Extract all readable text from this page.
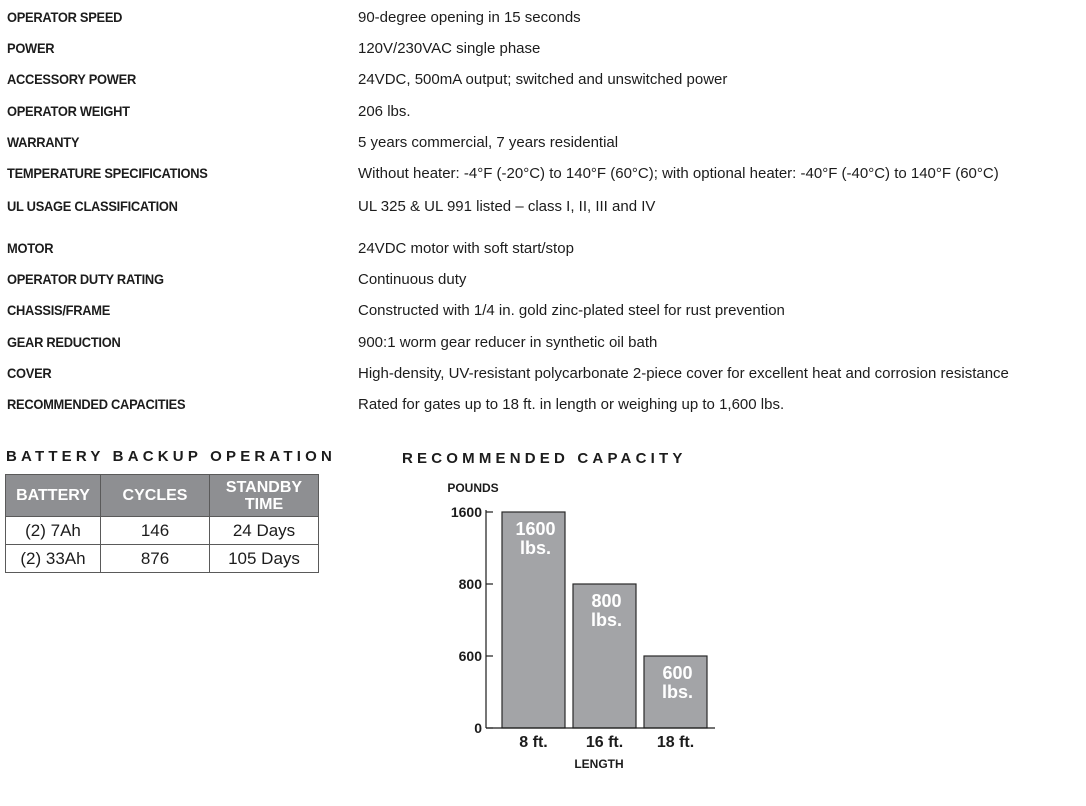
OPERATOR SPEED	90-degree opening in 15 seconds
POWER	120V/230VAC single phase
ACCESSORY POWER	24VDC, 500mA output; switched and unswitched power
OPERATOR WEIGHT	206 lbs.
WARRANTY	5 years commercial, 7 years residential
TEMPERATURE SPECIFICATIONS	Without heater: -4°F (-20°C) to 140°F (60°C); with optional heater: -40°F (-40°C) to 140°F (60°C)
UL USAGE CLASSIFICATION	UL 325 & UL 991 listed – class I, II, III and IV
MOTOR	24VDC motor with soft start/stop
OPERATOR DUTY RATING	Continuous duty
CHASSIS/FRAME	Constructed with 1/4 in. gold zinc-plated steel for rust prevention
GEAR REDUCTION	900:1 worm gear reducer in synthetic oil bath
COVER	High-density, UV-resistant polycarbonate 2-piece cover for excellent heat and corrosion resistance
RECOMMENDED CAPACITIES	Rated for gates up to 18 ft. in length or weighing up to 1,600 lbs.
BATTERY BACKUP OPERATION
BATTERY	CYCLES	STANDBY
TIME

(2) 7Ah	146	24 Days
(2) 33Ah	876	105 Days
RECOMMENDED CAPACITY
POUNDS
1600
lbs.
8 ft.
800
lbs.
16 ft.
600
lbs.
18 ft.
0
600
800
1600
LENGTH
